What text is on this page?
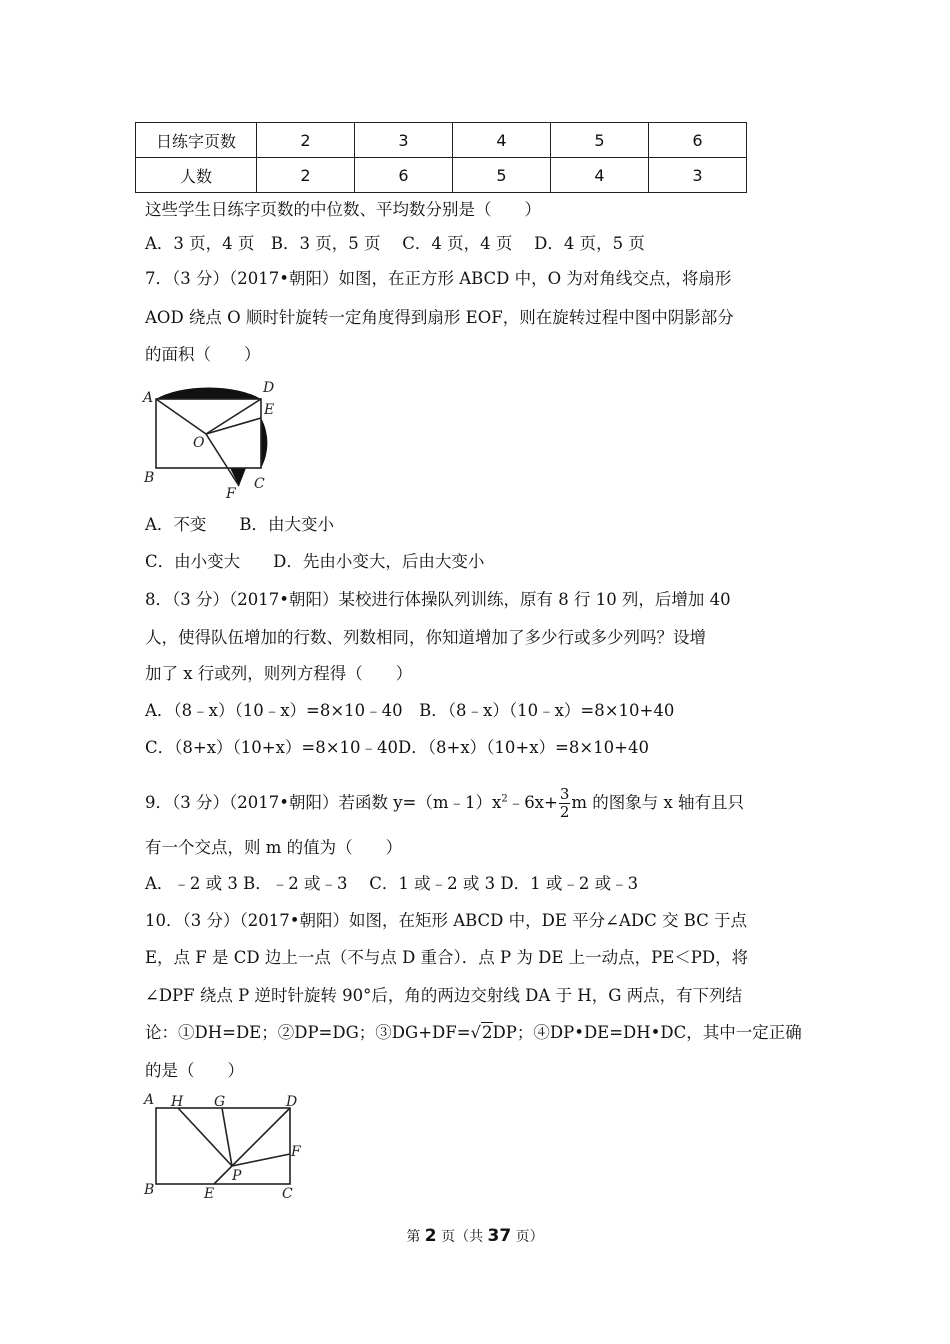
日练字页数	2	3	4	5	6
人数	2	6	5	4	3
这些学生日练字页数的中位数、平均数分别是（　　）
A．3 页，4 页　B．3 页，5 页　 C．4 页，4 页　 D．4 页，5 页
7．（3 分）（2017•朝阳）如图，在正方形 ABCD 中，O 为对角线交点，将扇形
AOD 绕点 O 顺时针旋转一定角度得到扇形 EOF，则在旋转过程中图中阴影部分
的面积（　　）
A
D
E
O
B	C
F
A．不变　　B．由大变小
C．由小变大　　D．先由小变大，后由大变小
8．（3 分）（2017•朝阳）某校进行体操队列训练，原有 8 行 10 列，后增加 40
人，使得队伍增加的行数、列数相同，你知道增加了多少行或多少列吗？设增
加了 x 行或列，则列方程得（　　）
A．（8﹣x）（10﹣x）=8×10﹣40　B．（8﹣x）（10﹣x）=8×10+40
C．（8+x）（10+x）=8×10﹣40D．（8+x）（10+x）=8×10+40
9．（3 分）（2017•朝阳）若函数 $y=(m﹣1)x^2﹣6x+ \frac{3}{2}$ m 的图象与 x 轴有且只
有一个交点，则 m 的值为（　　）
A．﹣2 或 3 B．﹣2 或﹣3　 C．1 或﹣2 或 3 D．1 或﹣2 或﹣3
10．（3 分）（2017•朝阳）如图，在矩形 ABCD 中，DE 平分∠ADC 交 BC 于点
E，点 F 是 CD 边上一点（不与点 D 重合）．点 P 为 DE 上一动点，PE＜PD，将
∠DPF 绕点 P 逆时针旋转 90°后，角的两边交射线 DA 于 H，G 两点，有下列结
论：①DH=DE；②DP=DG；③DG+DF=√2DP；④DP•DE=DH•DC，其中一定正确
的是（　　）
A H G	D
F
P
B	E	C
第 2 页（共 37 页）
